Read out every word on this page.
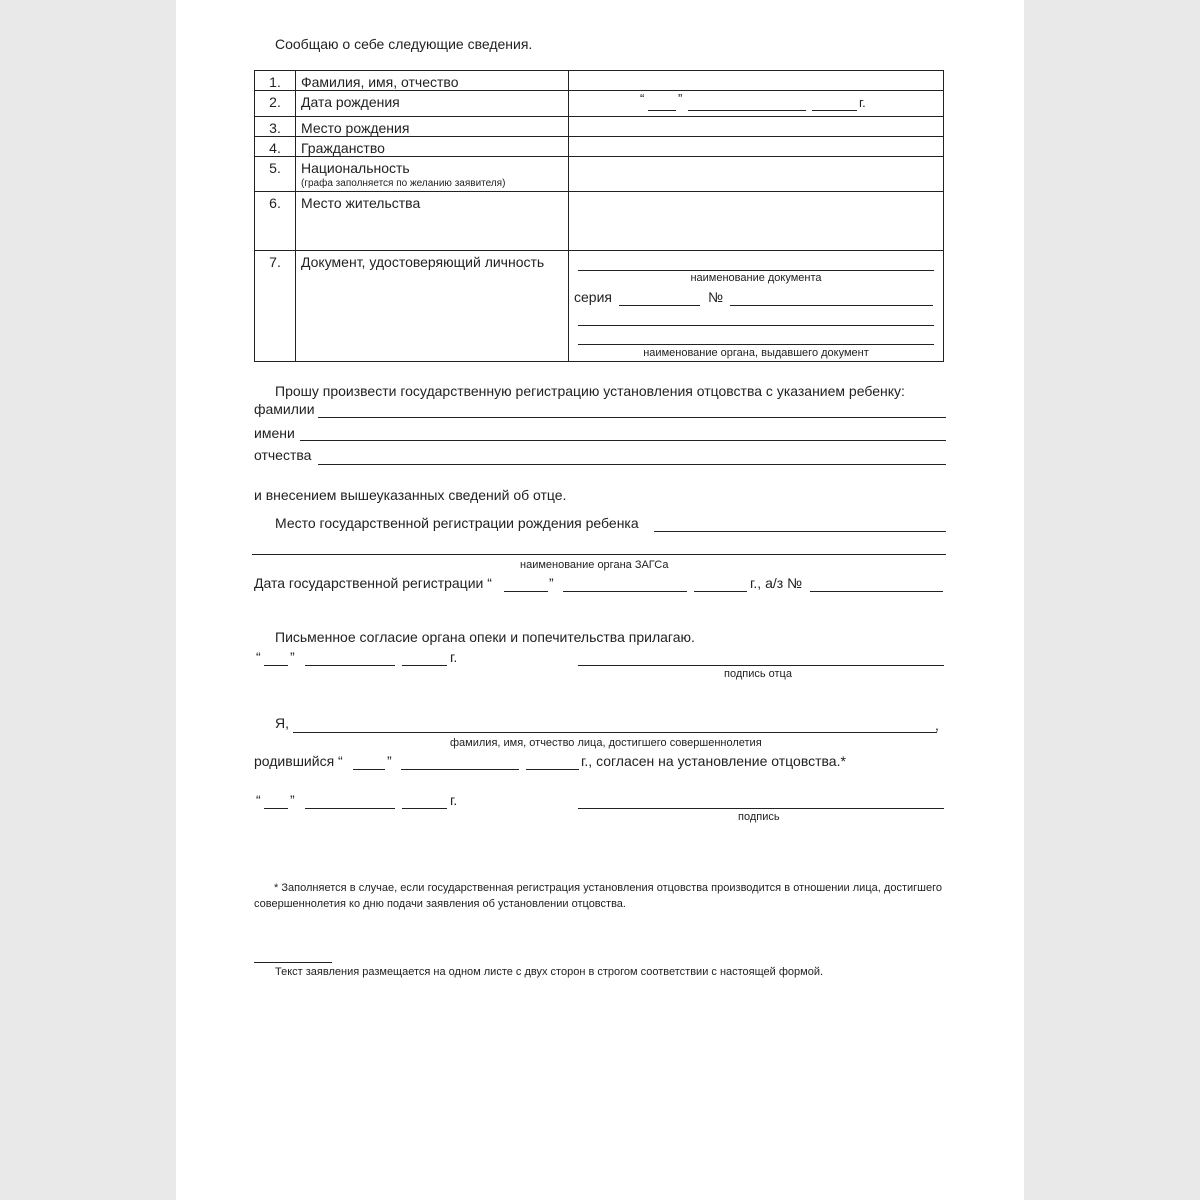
Сообщаю о себе следующие сведения.
1.	Фамилия, имя, отчество
2.	Дата рождения	“	”	г.
3.	Место рождения
4.	Гражданство
5.	Национальность
(графа заполняется по желанию заявителя)
6.	Место жительства
7.	Документ, удостоверяющий личность
наименование документа
серия	№
наименование органа, выдавшего документ
Прошу произвести государственную регистрацию установления отцовства с указанием ребенку:
фамилии
имени
отчества
и внесением вышеуказанных сведений об отце.
Место государственной регистрации рождения ребенка
наименование органа ЗАГСа
Дата государственной регистрации “	”	г., а/з №
Письменное согласие органа опеки и попечительства прилагаю.
“ ”	г.
подпись отца
Я,	,
фамилия, имя, отчество лица, достигшего совершеннолетия
родившийся “	”	г., согласен на установление отцовства.*
“ ”	г.
подпись
* Заполняется в случае, если государственная регистрация установления отцовства производится в отношении лица, достигшего совершеннолетия ко дню подачи заявления об установлении отцовства.
Текст заявления размещается на одном листе с двух сторон в строгом соответствии с настоящей формой.
